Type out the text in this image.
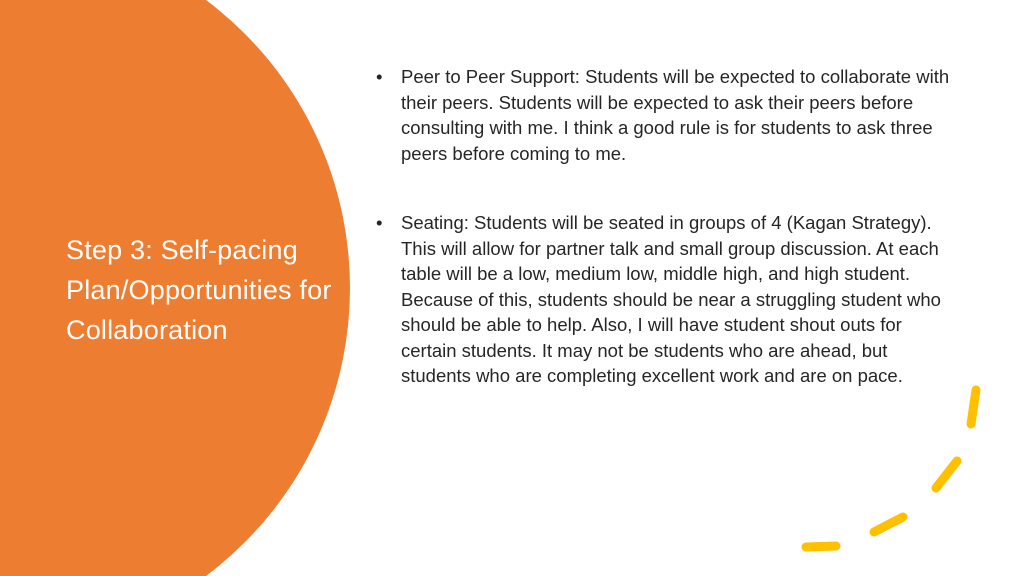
Step 3: Self-pacing Plan/Opportunities for Collaboration
• Peer to Peer Support: Students will be expected to collaborate with their peers. Students will be expected to ask their peers before consulting with me. I think a good rule is for students to ask three peers before coming to me.
• Seating: Students will be seated in groups of 4 (Kagan Strategy). This will allow for partner talk and small group discussion. At each table will be a low, medium low, middle high, and high student. Because of this, students should be near a struggling student who should be able to help. Also, I will have student shout outs for certain students. It may not be students who are ahead, but students who are completing excellent work and are on pace.
